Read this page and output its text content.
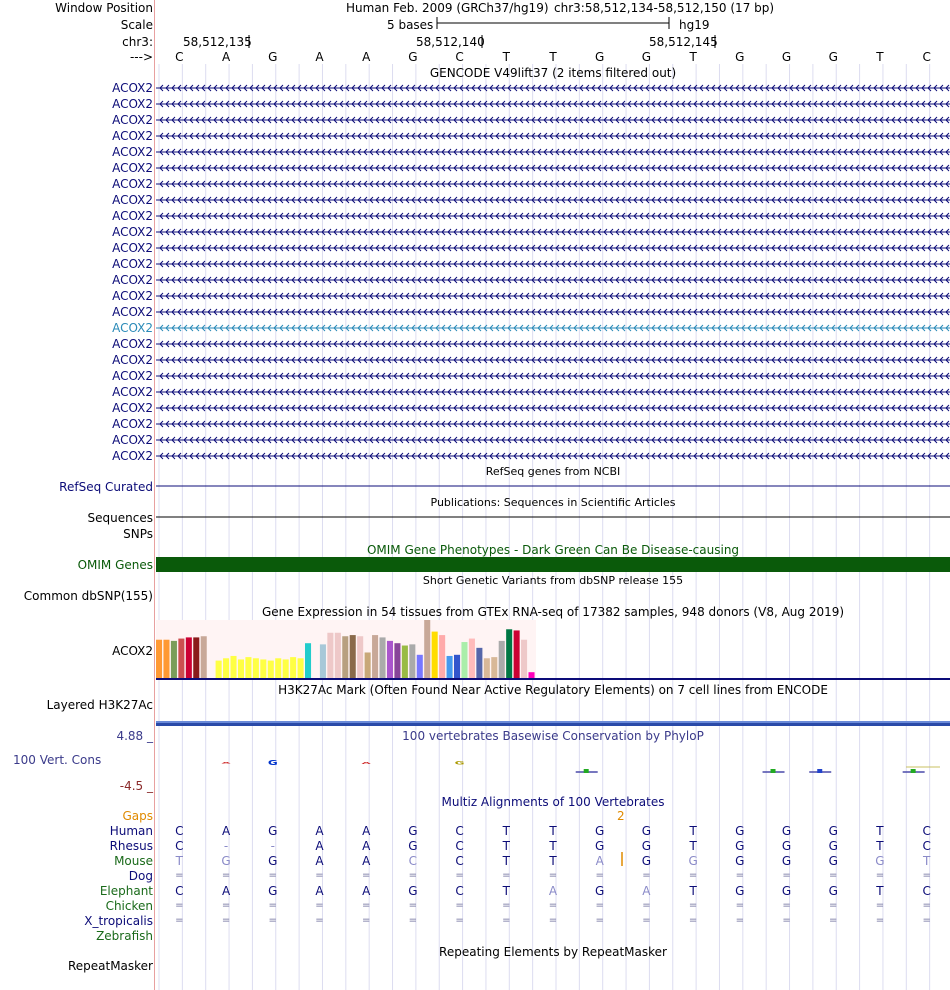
A	G	A	G
Window Position	Human Feb. 2009 (GRCh37/hg19) chr3:58,512,134-58,512,150 (17 bp)
Scale	5 bases	hg19
chr3:	58,512,135	58,512,140	58,512,145
---> C	A	G	A	A	G	C	T	T	G	G	T	G	G	G	T	C
GENCODE V49lift37 (2 items filtered out)
ACOX2
ACOX2
ACOX2
ACOX2
ACOX2
ACOX2
ACOX2
ACOX2
ACOX2
ACOX2
ACOX2
ACOX2
ACOX2
ACOX2
ACOX2
ACOX2
ACOX2
ACOX2
ACOX2
ACOX2
ACOX2
ACOX2
ACOX2
ACOX2
RefSeq genes from NCBI
RefSeq Curated
Publications: Sequences in Scientific Articles
Sequences
SNPs
OMIM Gene Phenotypes - Dark Green Can Be Disease-causing
OMIM Genes
Short Genetic Variants from dbSNP release 155
Common dbSNP(155)
Gene Expression in 54 tissues from GTEx RNA-seq of 17382 samples, 948 donors (V8, Aug 2019)
ACOX2
H3K27Ac Mark (Often Found Near Active Regulatory Elements) on 7 cell lines from ENCODE
Layered H3K27Ac
4.88 _	100 vertebrates Basewise Conservation by PhyloP
100 Vert. Cons
-4.5 _
Multiz Alignments of 100 Vertebrates
Gaps	2
Human C	A	G	A	A	G	C	T	T	G	G	T	G	G	G	T	C
Rhesus C	-	-	A	A	G	C	T	T	G	G	T	G	G	G	T	C
Mouse T	G	G	A	A	C	C	T	T	A	G	G	G	G	G	G	T
Dog =	=	=	=	=	=	=	=	=	=	=	=	=	=	=	=	=
Elephant C	A	G	A	A	G	C	T	A	G	A	T	G	G	G	T	C
Chicken =	=	=	=	=	=	=	=	=	=	=	=	=	=	=	=	=
X_tropicalis =	=	=	=	=	=	=	=	=	=	=	=	=	=	=	=	=
Zebrafish
Repeating Elements by RepeatMasker
RepeatMasker
